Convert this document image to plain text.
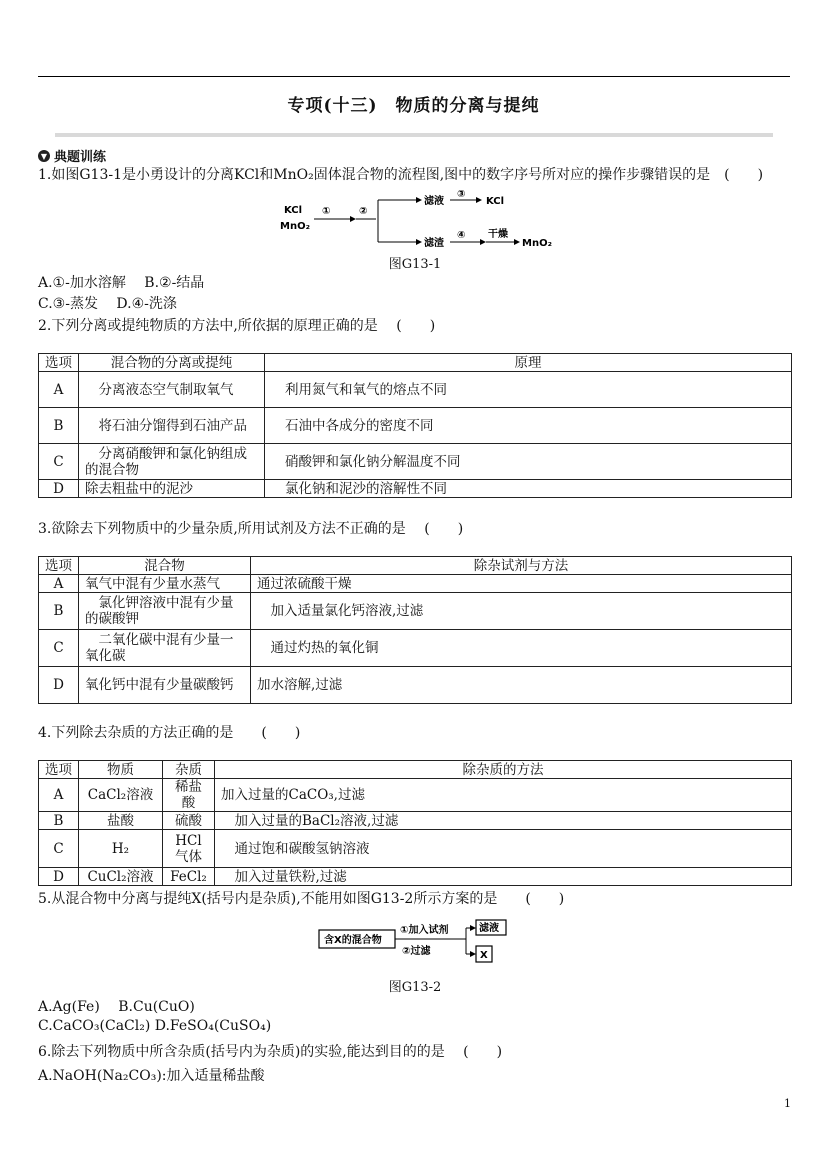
专项(十三)　物质的分离与提纯
▼ 典题训练
1.如图G13-1是小勇设计的分离KCl和MnO₂固体混合物的流程图,图中的数字序号所对应的操作步骤错误的是　(　　)
KCl
MnO₂
①	②
滤液
③
KCl
滤渣
④ 干燥
MnO₂
图G13-1
A.①-加水溶解　 B.②-结晶
C.③-蒸发　 D.④-洗涤
2.下列分离或提纯物质的方法中,所依据的原理正确的是　 (　　)
选项	混合物的分离或提纯	原理
A	　分离液态空气制取氧气	利用氮气和氧气的熔点不同
B	　将石油分馏得到石油产品	石油中各成分的密度不同
C	　分离硝酸钾和氯化钠组成的混合物	硝酸钾和氯化钠分解温度不同
D	除去粗盐中的泥沙	氯化钠和泥沙的溶解性不同
3.欲除去下列物质中的少量杂质,所用试剂及方法不正确的是　 (　　)
选项	混合物	除杂试剂与方法
A	氧气中混有少量水蒸气	通过浓硫酸干燥
B	　氯化钾溶液中混有少量的碳酸钾	　加入适量氯化钙溶液,过滤
C	　二氧化碳中混有少量一氧化碳	　通过灼热的氧化铜
D	氧化钙中混有少量碳酸钙	加水溶解,过滤
4.下列除去杂质的方法正确的是　　(　　)
选项	物质	杂质	除杂质的方法
A	CaCl₂溶液	稀盐酸	加入过量的CaCO₃,过滤
B	盐酸	硫酸	　加入过量的BaCl₂溶液,过滤
C	H₂	HCl 气体	　通过饱和碳酸氢钠溶液
D	CuCl₂溶液	FeCl₂	　加入过量铁粉,过滤
5.从混合物中分离与提纯X(括号内是杂质),不能用如图G13-2所示方案的是　　(　　)
含X的混合物
①加入试剂
②过滤
滤液
X
图G13-2
A.Ag(Fe)　 B.Cu(CuO)
C.CaCO₃(CaCl₂) D.FeSO₄(CuSO₄)
6.除去下列物质中所含杂质(括号内为杂质)的实验,能达到目的的是　 (　　)
A.NaOH(Na₂CO₃):加入适量稀盐酸
1
